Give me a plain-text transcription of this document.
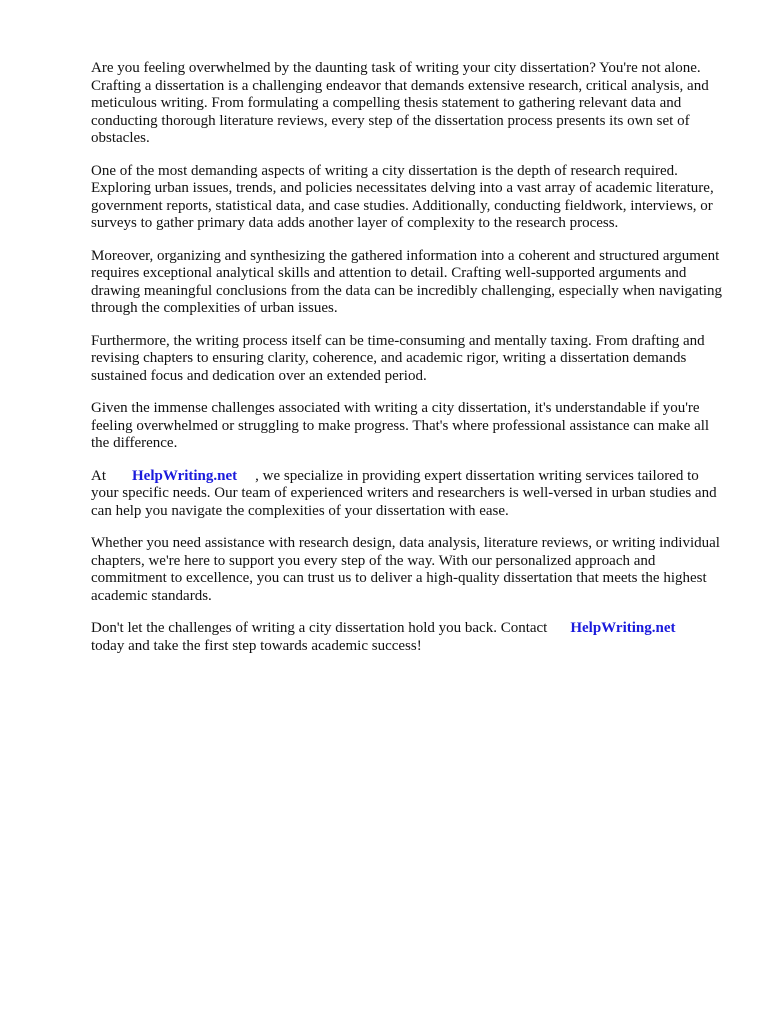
Are you feeling overwhelmed by the daunting task of writing your city dissertation? You're not alone. Crafting a dissertation is a challenging endeavor that demands extensive research, critical analysis, and meticulous writing. From formulating a compelling thesis statement to gathering relevant data and conducting thorough literature reviews, every step of the dissertation process presents its own set of obstacles.

One of the most demanding aspects of writing a city dissertation is the depth of research required. Exploring urban issues, trends, and policies necessitates delving into a vast array of academic literature, government reports, statistical data, and case studies. Additionally, conducting fieldwork, interviews, or surveys to gather primary data adds another layer of complexity to the research process.

Moreover, organizing and synthesizing the gathered information into a coherent and structured argument requires exceptional analytical skills and attention to detail. Crafting well-supported arguments and drawing meaningful conclusions from the data can be incredibly challenging, especially when navigating through the complexities of urban issues.

Furthermore, the writing process itself can be time-consuming and mentally taxing. From drafting and revising chapters to ensuring clarity, coherence, and academic rigor, writing a dissertation demands sustained focus and dedication over an extended period.

Given the immense challenges associated with writing a city dissertation, it's understandable if you're feeling overwhelmed or struggling to make progress. That's where professional assistance can make all the difference.

At HelpWriting.net , we specialize in providing expert dissertation writing services tailored to your specific needs. Our team of experienced writers and researchers is well-versed in urban studies and can help you navigate the complexities of your dissertation with ease.

Whether you need assistance with research design, data analysis, literature reviews, or writing individual chapters, we're here to support you every step of the way. With our personalized approach and commitment to excellence, you can trust us to deliver a high-quality dissertation that meets the highest academic standards.

Don't let the challenges of writing a city dissertation hold you back. Contact HelpWriting.net
today and take the first step towards academic success!
